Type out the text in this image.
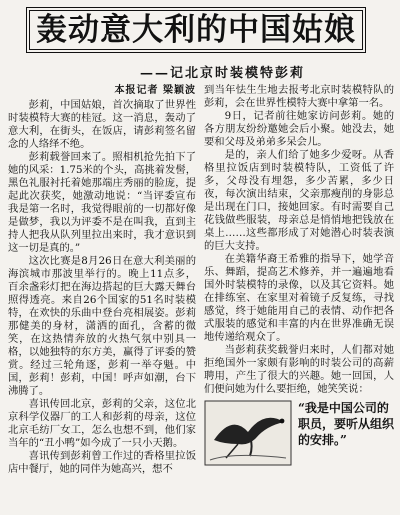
轰动意大利的中国姑娘
——记北京时装模特彭莉
本报记者 梁颖波

彭莉，中国姑娘，首次摘取了世界性时装模特大赛的桂冠。这一消息，轰动了意大利，在街头，在饭店，请彭莉签名留念的人络绎不绝。

彭莉载誉回来了。照相机抢先拍下了她的风采：1.75米的个头，高挑着发髻，黑色礼服衬托着她那端庄秀丽的脸庞，提起此次获奖，她激动地说：“当评委宣布我是第一名时，我觉得眼前的一切都好像是做梦，我以为评委不是在叫我，直到主持人把我从队列里拉出来时，我才意识到这一切是真的。”

这次比赛是8月26日在意大利美丽的海滨城市那波里举行的。晚上11点多，百余盏彩灯把在海边搭起的巨大露天舞台照得透亮。来自26个国家的51名时装模特，在欢快的乐曲中登台亮相展姿。彭莉那健美的身材，潇洒的面孔，含蓄的微笑，在这热情奔放的火热气氛中别具一格，以她独特的东方美，赢得了评委的赞赏。经过三轮角逐，彭莉一举夺魁。中国，彭莉！彭莉，中国！呼声如潮，台下沸腾了。

喜讯传回北京，彭莉的父亲，这位北京科学仪器厂的工人和彭莉的母亲，这位北京毛纺厂女工，怎么也想不到，他们家当年的“丑小鸭”如今成了一只小天鹅。

喜讯传到彭莉曾工作过的香格里拉饭店中餐厅，她的同伴为她高兴，想不

到当年怯生生地去报考北京时装模特队的彭莉，会在世界性模特大赛中拿第一名。

9日，记者前往她家访问彭莉。她的各方朋友纷纷邀她会后小聚。她没去，她要和父母及弟弟多呆会儿。

是的，亲人们给了她多少爱呀。从香格里拉饭店到时装模特队，工资低了许多，父母没有埋怨，多少苦累，多少日夜，每次演出结束，父亲那瘦削的身影总是出现在门口，接她回家。有时需要自己花钱做些服装，母亲总是悄悄地把钱放在桌上……这些都形成了对她潜心时装表演的巨大支持。

在美籍华裔王希雅的指导下，她学音乐、舞蹈，提高艺术修养，并一遍遍地看国外时装模特的录像，以及其它资料。她在排练室、在家里对着镜子反复练，寻找感觉，终于她能用自己的表情、动作把各式服装的感觉和丰富的内在世界准确无误地传递给观众了。

当彭莉获奖载誉归来时，人们都对她拒绝国外一家颇有影响的时装公司的高薪聘用，产生了很大的兴趣。她一回国，人们便问她为什么要拒绝，她笑笑说：

“我是中国公司的职员，要听从组织的安排。”
